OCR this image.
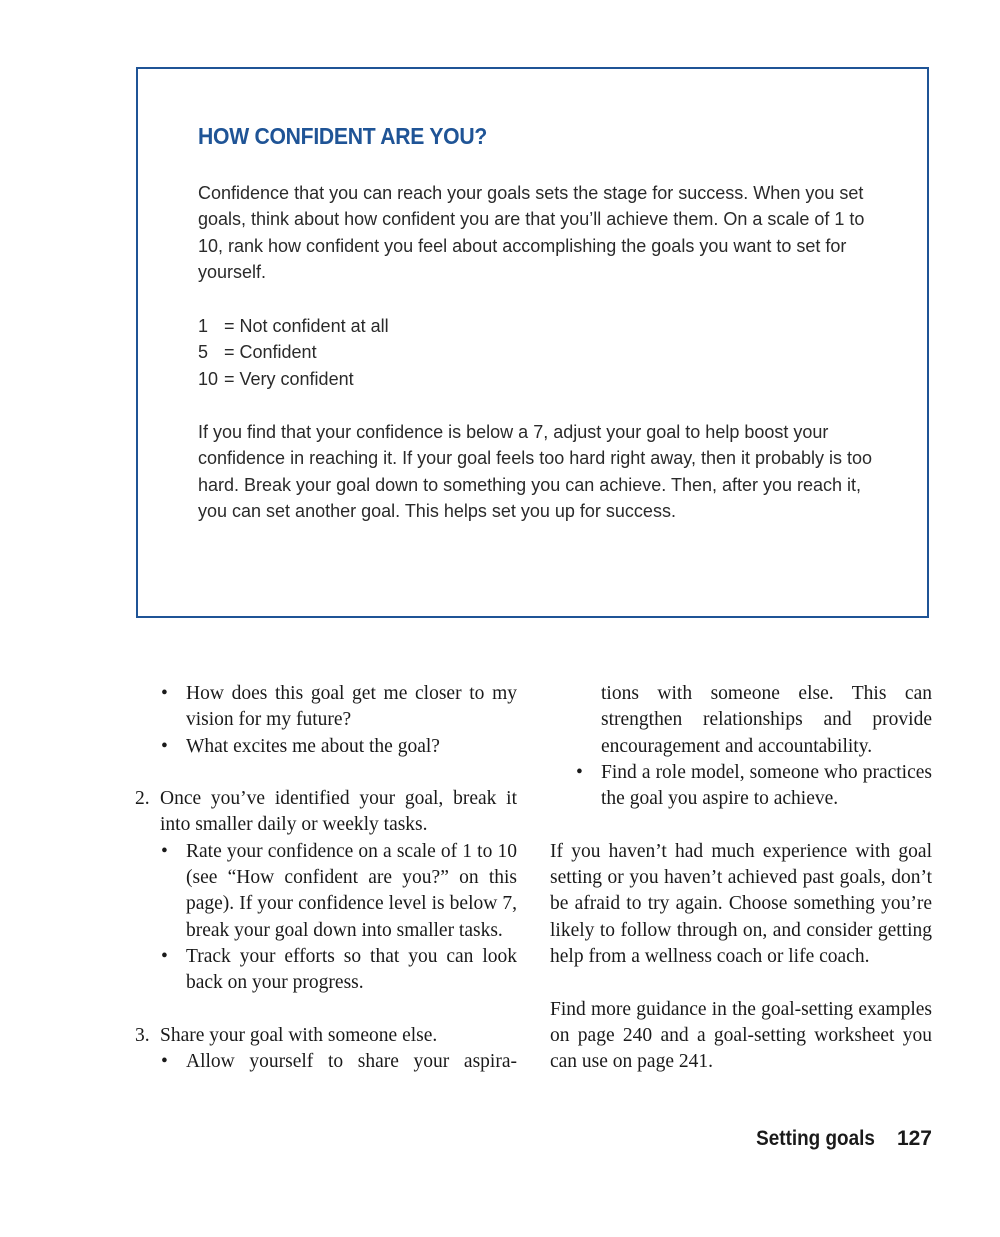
HOW CONFIDENT ARE YOU?

Confidence that you can reach your goals sets the stage for success. When you set goals, think about how confident you are that you’ll achieve them. On a scale of 1 to 10, rank how confident you feel about accomplishing the goals you want to set for yourself.

1 = Not confident at all
5 = Confident
10 = Very confident

If you find that your confidence is below a 7, adjust your goal to help boost your confidence in reaching it. If your goal feels too hard right away, then it probably is too hard. Break your goal down to something you can achieve. Then, after you reach it, you can set another goal. This helps set you up for success.

• How does this goal get me closer to my vision for my future?
• What excites me about the goal?
2. Once you’ve identified your goal, break it into smaller daily or weekly tasks.
• Rate your confidence on a scale of 1 to 10 (see “How confident are you?” on this page). If your confidence level is below 7, break your goal down into smaller tasks.
• Track your efforts so that you can look back on your progress.
3. Share your goal with someone else.
• Allow yourself to share your aspira-
tions with someone else. This can strengthen relationships and provide encouragement and accountability.
• Find a role model, someone who practices the goal you aspire to achieve.

If you haven’t had much experience with goal setting or you haven’t achieved past goals, don’t be afraid to try again. Choose something you’re likely to follow through on, and consider getting help from a wellness coach or life coach.

Find more guidance in the goal-setting examples on page 240 and a goal-setting worksheet you can use on page 241.

Setting goals 127
